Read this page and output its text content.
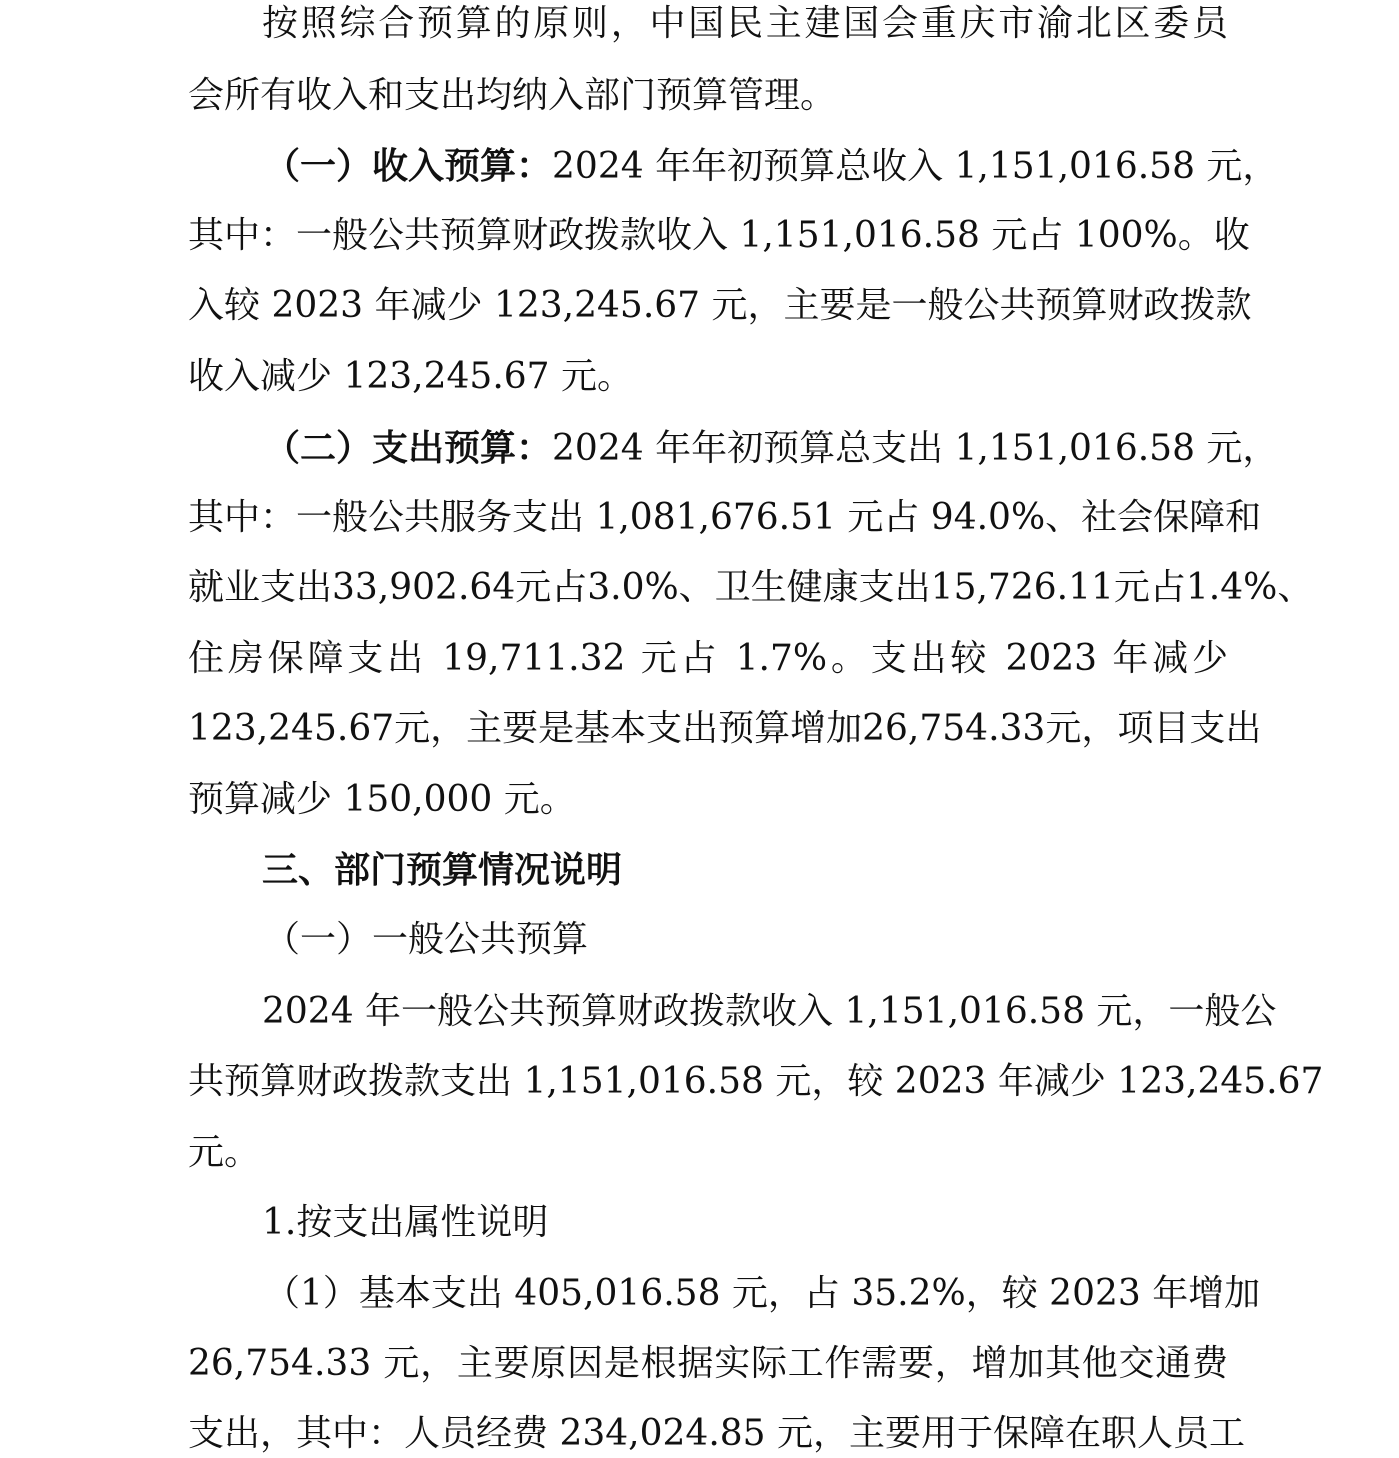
按照综合预算的原则，中国民主建国会重庆市渝北区委员
会所有收入和支出均纳入部门预算管理。
（一）收入预算：2024 年年初预算总收入 1,151,016.58 元，
其中：一般公共预算财政拨款收入 1,151,016.58 元占 100%。收
入较 2023 年减少 123,245.67 元，主要是一般公共预算财政拨款
收入减少 123,245.67 元。
（二）支出预算：2024 年年初预算总支出 1,151,016.58 元，
其中：一般公共服务支出 1,081,676.51 元占 94.0%、社会保障和
就业支出33,902.64元占3.0%、卫生健康支出15,726.11元占1.4%、
住房保障支出 19,711.32 元占 1.7%。支出较 2023 年减少
123,245.67元，主要是基本支出预算增加26,754.33元，项目支出
预算减少 150,000 元。
三、部门预算情况说明
（一）一般公共预算
2024 年一般公共预算财政拨款收入 1,151,016.58 元，一般公
共预算财政拨款支出 1,151,016.58 元，较 2023 年减少 123,245.67
元。
1.按支出属性说明
（1）基本支出 405,016.58 元，占 35.2%，较 2023 年增加
26,754.33 元，主要原因是根据实际工作需要，增加其他交通费
支出，其中：人员经费 234,024.85 元，主要用于保障在职人员工
